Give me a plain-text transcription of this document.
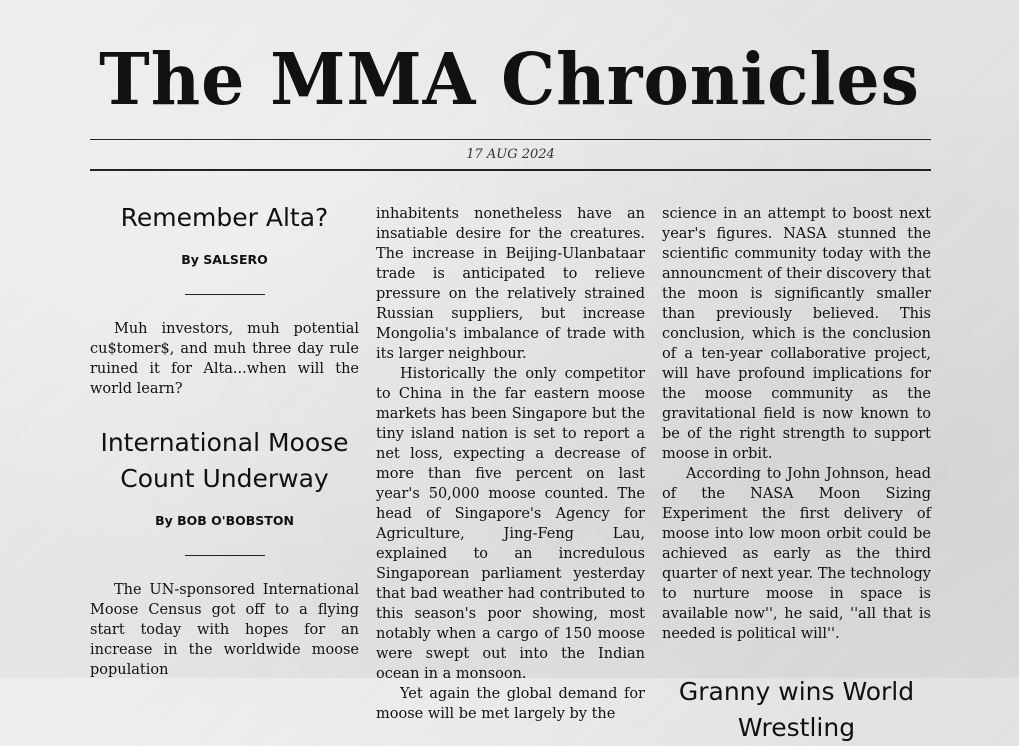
The MMA Chronicles
17 AUG 2024
Remember Alta?
By SALSERO

Muh investors, muh potential cu$tomer$, and muh three day rule ruined it for Alta...when will the world learn?

International Moose Count Underway
By BOB O'BOBSTON

The UN-sponsored International Moose Census got off to a flying start today with hopes for an increase in the worldwide moose population

inhabitents nonetheless have an insatiable desire for the creatures. The increase in Beijing-Ulanbataar trade is anticipated to relieve pressure on the relatively strained Russian suppliers, but increase Mongolia's imbalance of trade with its larger neighbour.

Historically the only competitor to China in the far eastern moose markets has been Singapore but the tiny island nation is set to report a net loss, expecting a decrease of more than five percent on last year's 50,000 moose counted. The head of Singapore's Agency for Agriculture, Jing-Feng Lau, explained to an incredulous Singaporean parliament yesterday that bad weather had contributed to this season's poor showing, most notably when a cargo of 150 moose were swept out into the Indian ocean in a monsoon.

Yet again the global demand for moose will be met largely by the

science in an attempt to boost next year's figures. NASA stunned the scientific community today with the announcment of their discovery that the moon is significantly smaller than previously believed. This conclusion, which is the conclusion of a ten-year collaborative project, will have profound implications for the moose community as the gravitational field is now known to be of the right strength to support moose in orbit.

According to John Johnson, head of the NASA Moon Sizing Experiment the first delivery of moose into low moon orbit could be achieved as early as the third quarter of next year. The technology to nurture moose in space is available now'', he said, ''all that is needed is political will''.

Granny wins World Wrestling
